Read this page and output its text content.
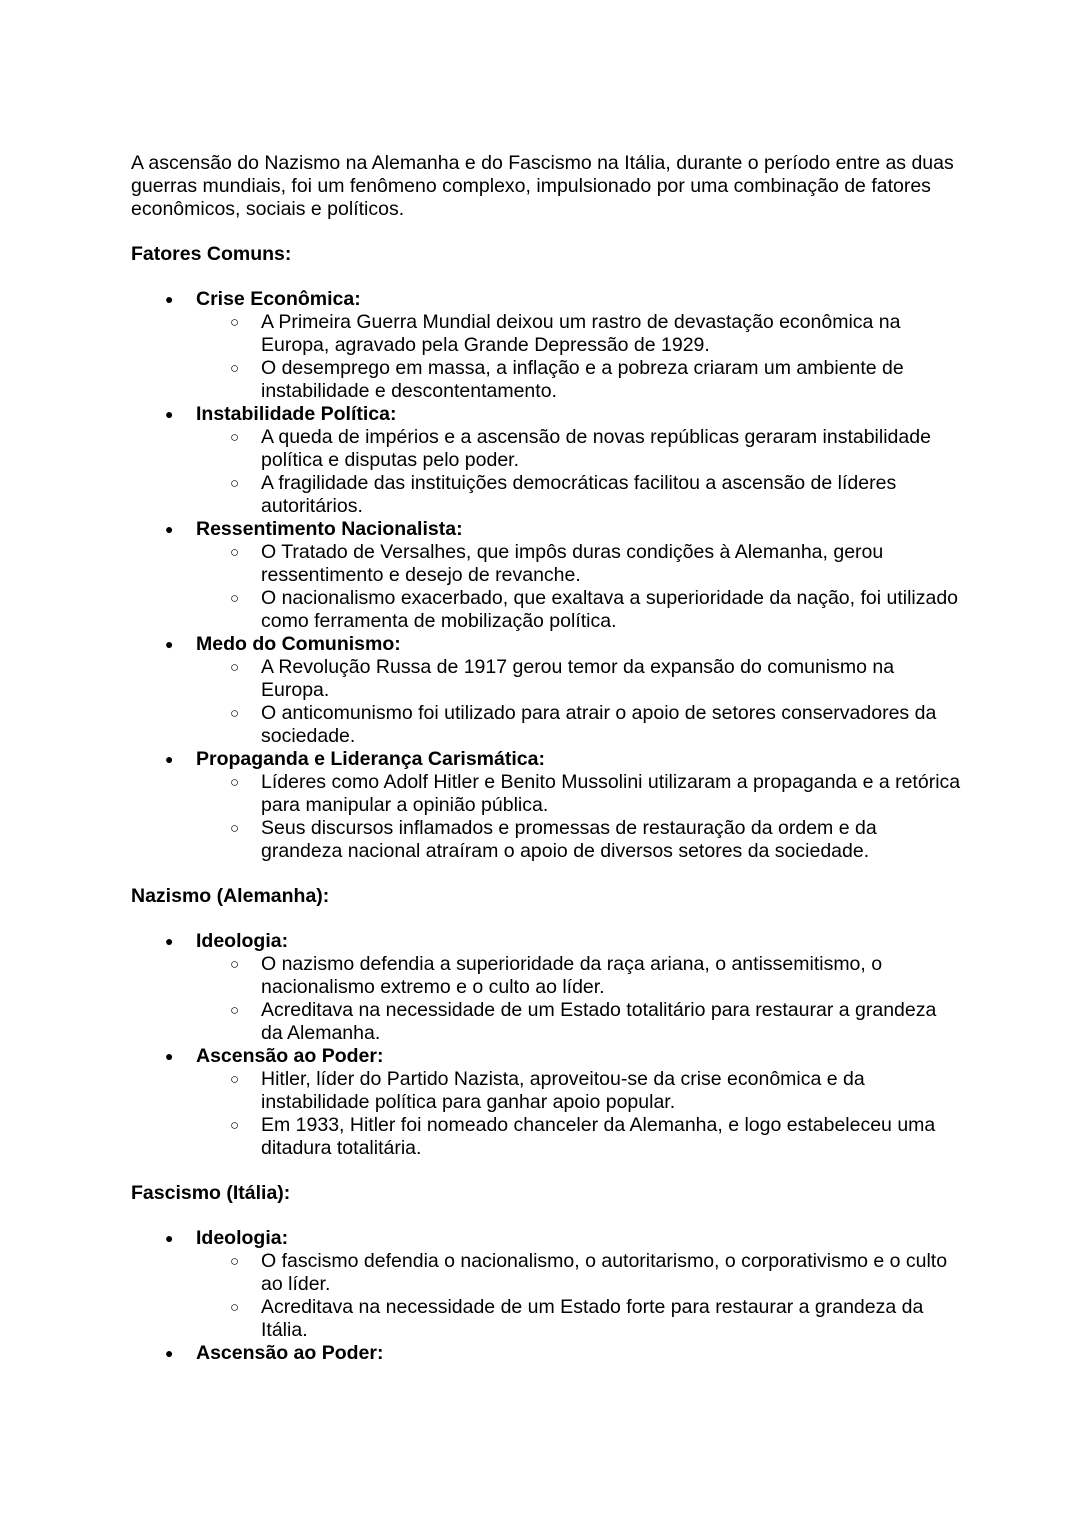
A ascensão do Nazismo na Alemanha e do Fascismo na Itália, durante o período entre as duas guerras mundiais, foi um fenômeno complexo, impulsionado por uma combinação de fatores econômicos, sociais e políticos.

Fatores Comuns:

● Crise Econômica:
○ A Primeira Guerra Mundial deixou um rastro de devastação econômica na Europa, agravado pela Grande Depressão de 1929.
○ O desemprego em massa, a inflação e a pobreza criaram um ambiente de instabilidade e descontentamento.
● Instabilidade Política:
○ A queda de impérios e a ascensão de novas repúblicas geraram instabilidade política e disputas pelo poder.
○ A fragilidade das instituições democráticas facilitou a ascensão de líderes autoritários.
● Ressentimento Nacionalista:
○ O Tratado de Versalhes, que impôs duras condições à Alemanha, gerou ressentimento e desejo de revanche.
○ O nacionalismo exacerbado, que exaltava a superioridade da nação, foi utilizado como ferramenta de mobilização política.
● Medo do Comunismo:
○ A Revolução Russa de 1917 gerou temor da expansão do comunismo na Europa.
○ O anticomunismo foi utilizado para atrair o apoio de setores conservadores da sociedade.
● Propaganda e Liderança Carismática:
○ Líderes como Adolf Hitler e Benito Mussolini utilizaram a propaganda e a retórica para manipular a opinião pública.
○ Seus discursos inflamados e promessas de restauração da ordem e da grandeza nacional atraíram o apoio de diversos setores da sociedade.

Nazismo (Alemanha):

● Ideologia:
○ O nazismo defendia a superioridade da raça ariana, o antissemitismo, o nacionalismo extremo e o culto ao líder.
○ Acreditava na necessidade de um Estado totalitário para restaurar a grandeza da Alemanha.
● Ascensão ao Poder:
○ Hitler, líder do Partido Nazista, aproveitou-se da crise econômica e da instabilidade política para ganhar apoio popular.
○ Em 1933, Hitler foi nomeado chanceler da Alemanha, e logo estabeleceu uma ditadura totalitária.

Fascismo (Itália):

● Ideologia:
○ O fascismo defendia o nacionalismo, o autoritarismo, o corporativismo e o culto ao líder.
○ Acreditava na necessidade de um Estado forte para restaurar a grandeza da Itália.
● Ascensão ao Poder:
